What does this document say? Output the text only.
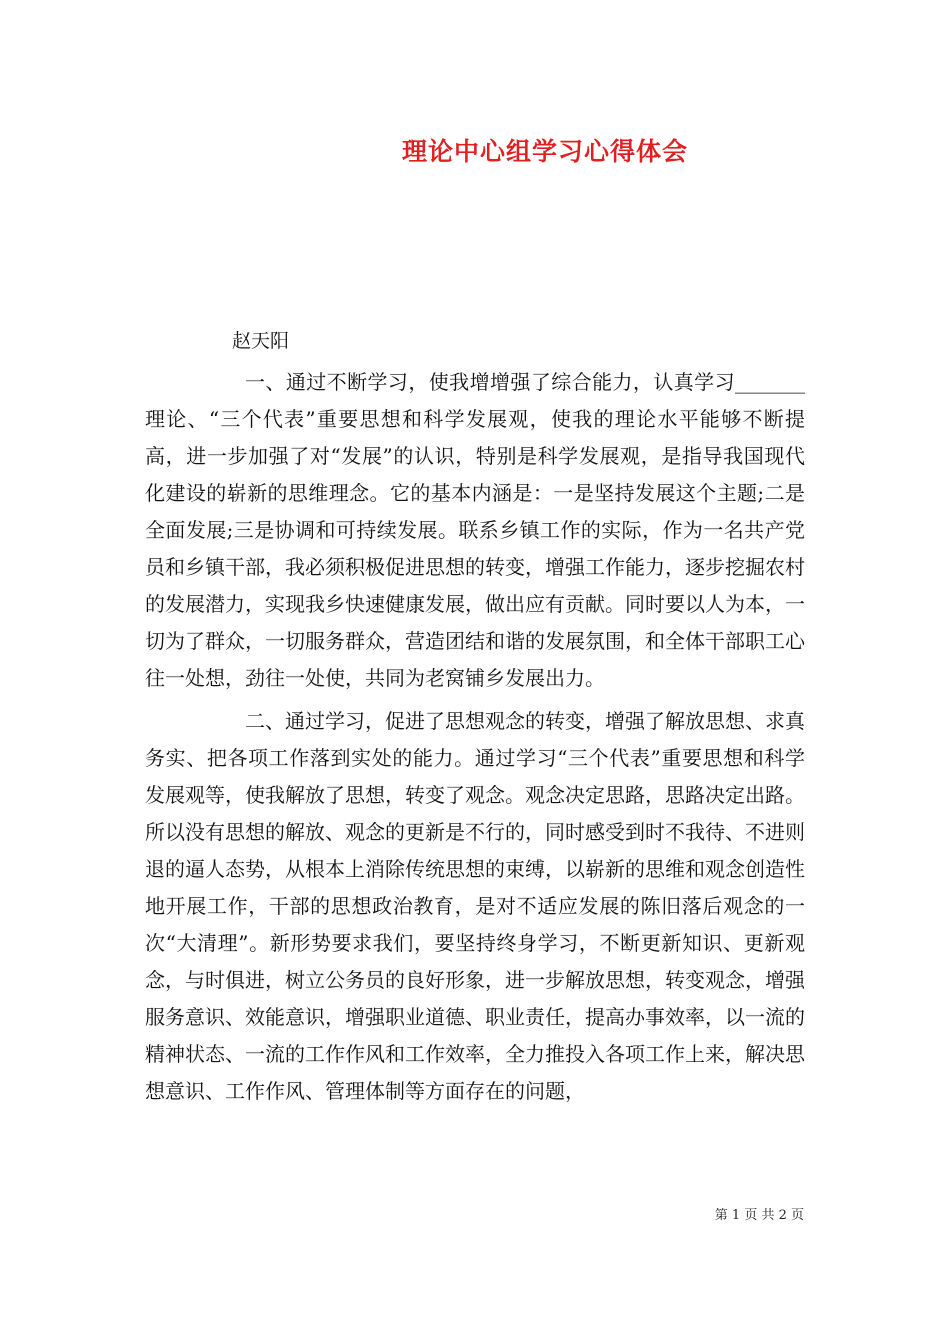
理论中心组学习心得体会
赵天阳

一、通过不断学习，使我增增强了综合能力，认真学习_______理论、“三个代表”重要思想和科学发展观，使我的理论水平能够不断提高，进一步加强了对“发展”的认识，特别是科学发展观，是指导我国现代化建设的崭新的思维理念。它的基本内涵是：一是坚持发展这个主题;二是全面发展;三是协调和可持续发展。联系乡镇工作的实际，作为一名共产党员和乡镇干部，我必须积极促进思想的转变，增强工作能力，逐步挖掘农村的发展潜力，实现我乡快速健康发展，做出应有贡献。同时要以人为本，一切为了群众，一切服务群众，营造团结和谐的发展氛围，和全体干部职工心往一处想，劲往一处使，共同为老窝铺乡发展出力。

二、通过学习，促进了思想观念的转变，增强了解放思想、求真务实、把各项工作落到实处的能力。通过学习“三个代表”重要思想和科学发展观等，使我解放了思想，转变了观念。观念决定思路，思路决定出路。所以没有思想的解放、观念的更新是不行的，同时感受到时不我待、不进则退的逼人态势，从根本上消除传统思想的束缚，以崭新的思维和观念创造性地开展工作，干部的思想政治教育，是对不适应发展的陈旧落后观念的一次“大清理”。新形势要求我们，要坚持终身学习，不断更新知识、更新观念，与时俱进，树立公务员的良好形象，进一步解放思想，转变观念，增强服务意识、效能意识，增强职业道德、职业责任，提高办事效率，以一流的精神状态、一流的工作作风和工作效率，全力推投入各项工作上来，解决思想意识、工作作风、管理体制等方面存在的问题，

第 1 页 共 2 页
